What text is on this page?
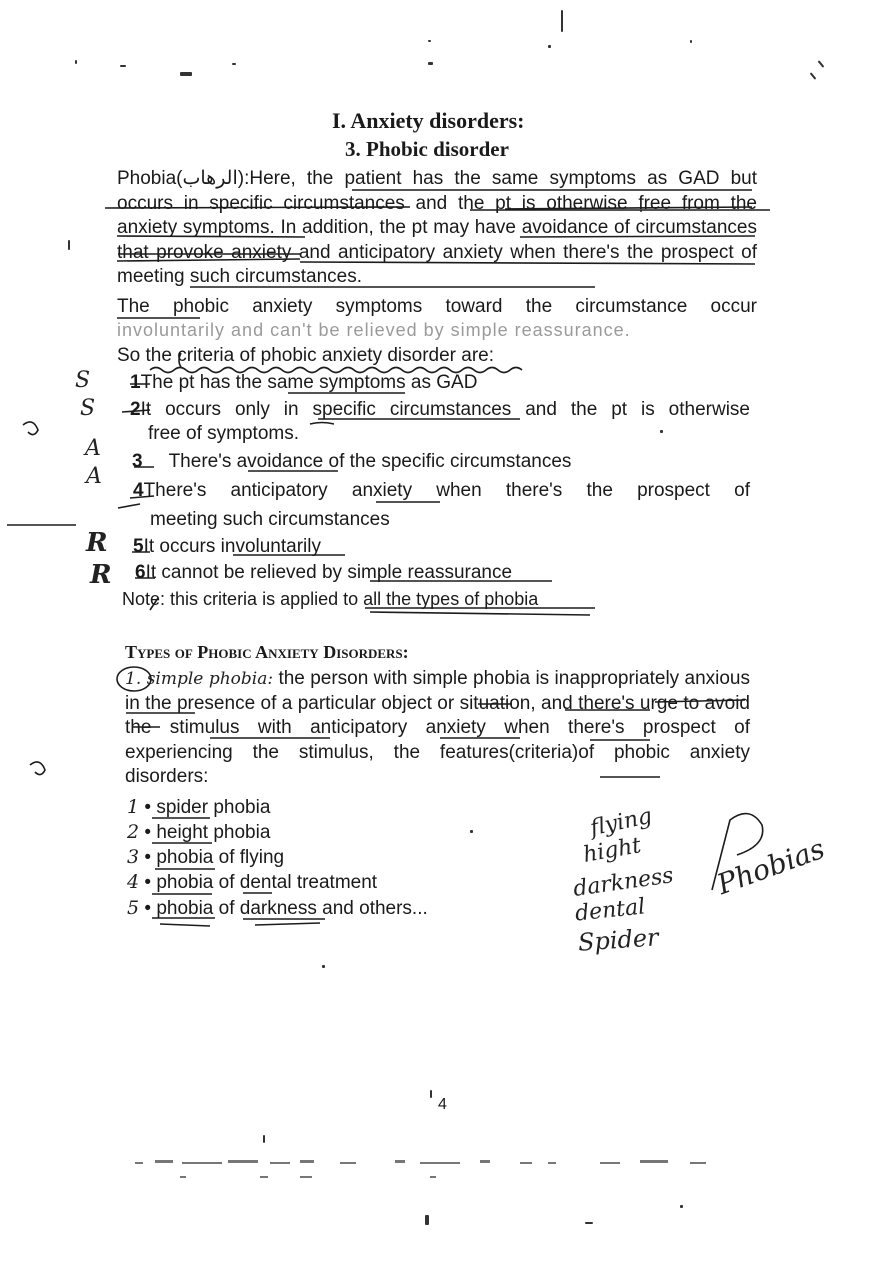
I. Anxiety disorders:
3. Phobic disorder
Phobia(الرهاب):Here, the patient has the same symptoms as GAD but occurs in specific circumstances and the pt is otherwise free from the anxiety symptoms. In addition, the pt may have avoidance of circumstances that provoke anxiety and anticipatory anxiety when there's the prospect of meeting such circumstances.
The phobic anxiety symptoms toward the circumstance occur
involuntarily and can't be relieved by simple reassurance.
So the criteria of phobic anxiety disorder are:
1The pt has the same symptoms as GAD
2It occurs only in specific circumstances and the pt is otherwise
free of symptoms.
3 There's avoidance of the specific circumstances
4There's anticipatory anxiety when there's the prospect of
meeting such circumstances
5It occurs involuntarily
6It cannot be relieved by simple reassurance
Note: this criteria is applied to all the types of phobia
Types of Phobic Anxiety Disorders:
1. simple phobia: the person with simple phobia is inappropriately anxious in the presence of a particular object or situation, and there's urge to avoid the stimulus with anticipatory anxiety when there's prospect of experiencing the stimulus, the features(criteria)of phobic anxiety disorders:
1 • spider phobia
2 • height phobia
3 • phobia of flying
4 • phobia of dental treatment
5 • phobia of darkness and others...
4
S
S
A
A
R
R
flying
hight
darkness
dental
Spider
Phobias
